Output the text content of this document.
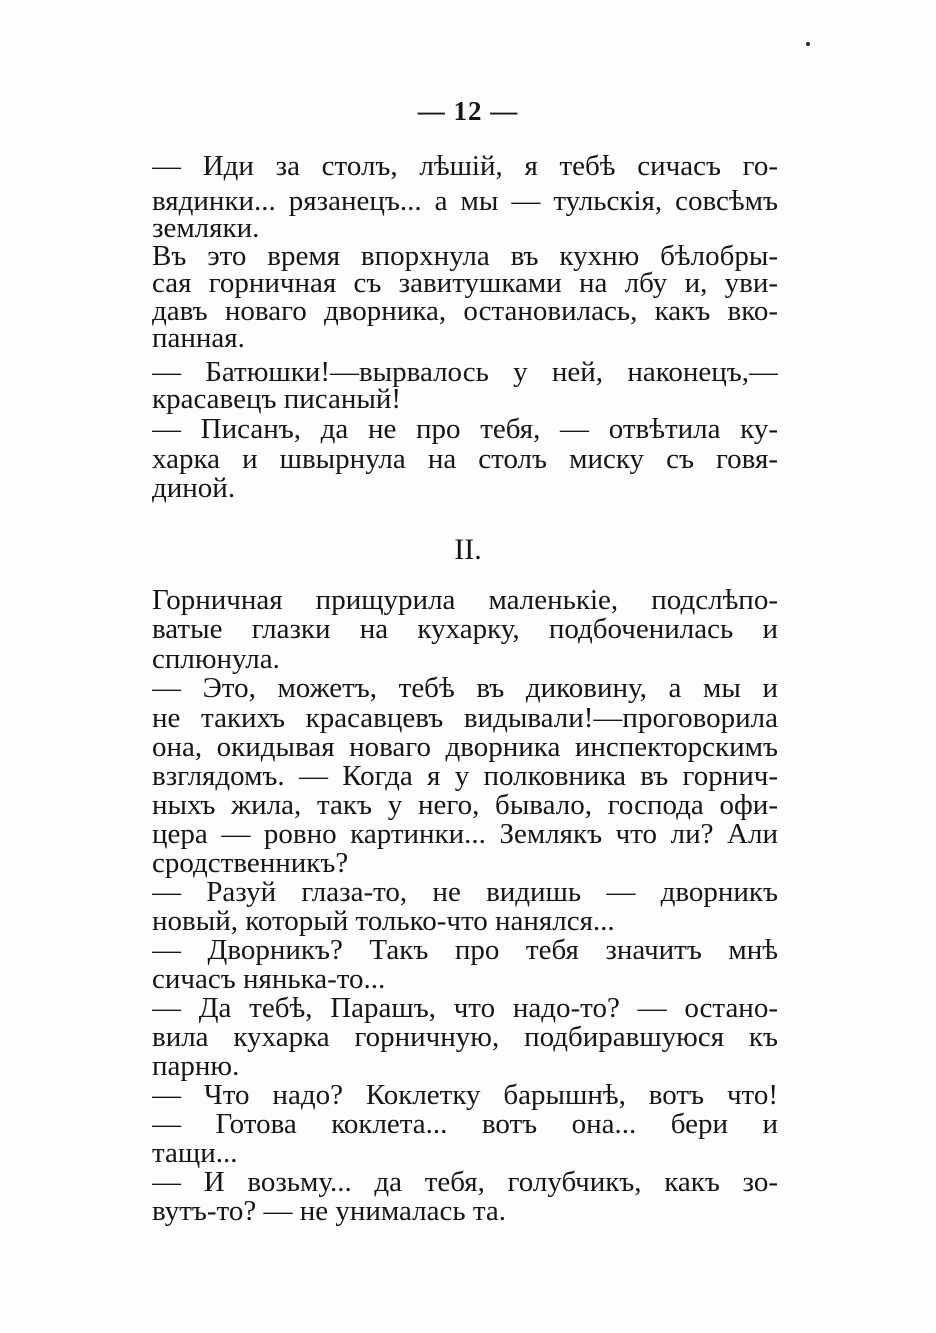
— 12 —
— Иди за столъ, лѣшій, я тебѣ сичасъ го-
вядинки... рязанецъ... а мы — тульскія, совсѣмъ
земляки.
Въ это время впорхнула въ кухню бѣлобры-
сая горничная съ завитушками на лбу и, уви-
давъ новаго дворника, остановилась, какъ вко-
панная.
— Батюшки!—вырвалось у ней, наконецъ,—
красавецъ писаный!
— Писанъ, да не про тебя, — отвѣтила ку-
харка и швырнула на столъ миску съ говя-
диной.
II.
Горничная прищурила маленькіе, подслѣпо-
ватые глазки на кухарку, подбоченилась и
сплюнула.
— Это, можетъ, тебѣ въ диковину, а мы и
не такихъ красавцевъ видывали!—проговорила
она, окидывая новаго дворника инспекторскимъ
взглядомъ. — Когда я у полковника въ горнич-
ныхъ жила, такъ у него, бывало, господа офи-
цера — ровно картинки... Землякъ что ли? Али
сродственникъ?
— Разуй глаза-то, не видишь — дворникъ
новый, который только-что нанялся...
— Дворникъ? Такъ про тебя значитъ мнѣ
сичасъ нянька-то...
— Да тебѣ, Парашъ, что надо-то? — остано-
вила кухарка горничную, подбиравшуюся къ
парню.
— Что надо? Коклетку барышнѣ, вотъ что!
— Готова коклета... вотъ она... бери и
тащи...
— И возьму... да тебя, голубчикъ, какъ зо-
вутъ-то? — не унималась та.
